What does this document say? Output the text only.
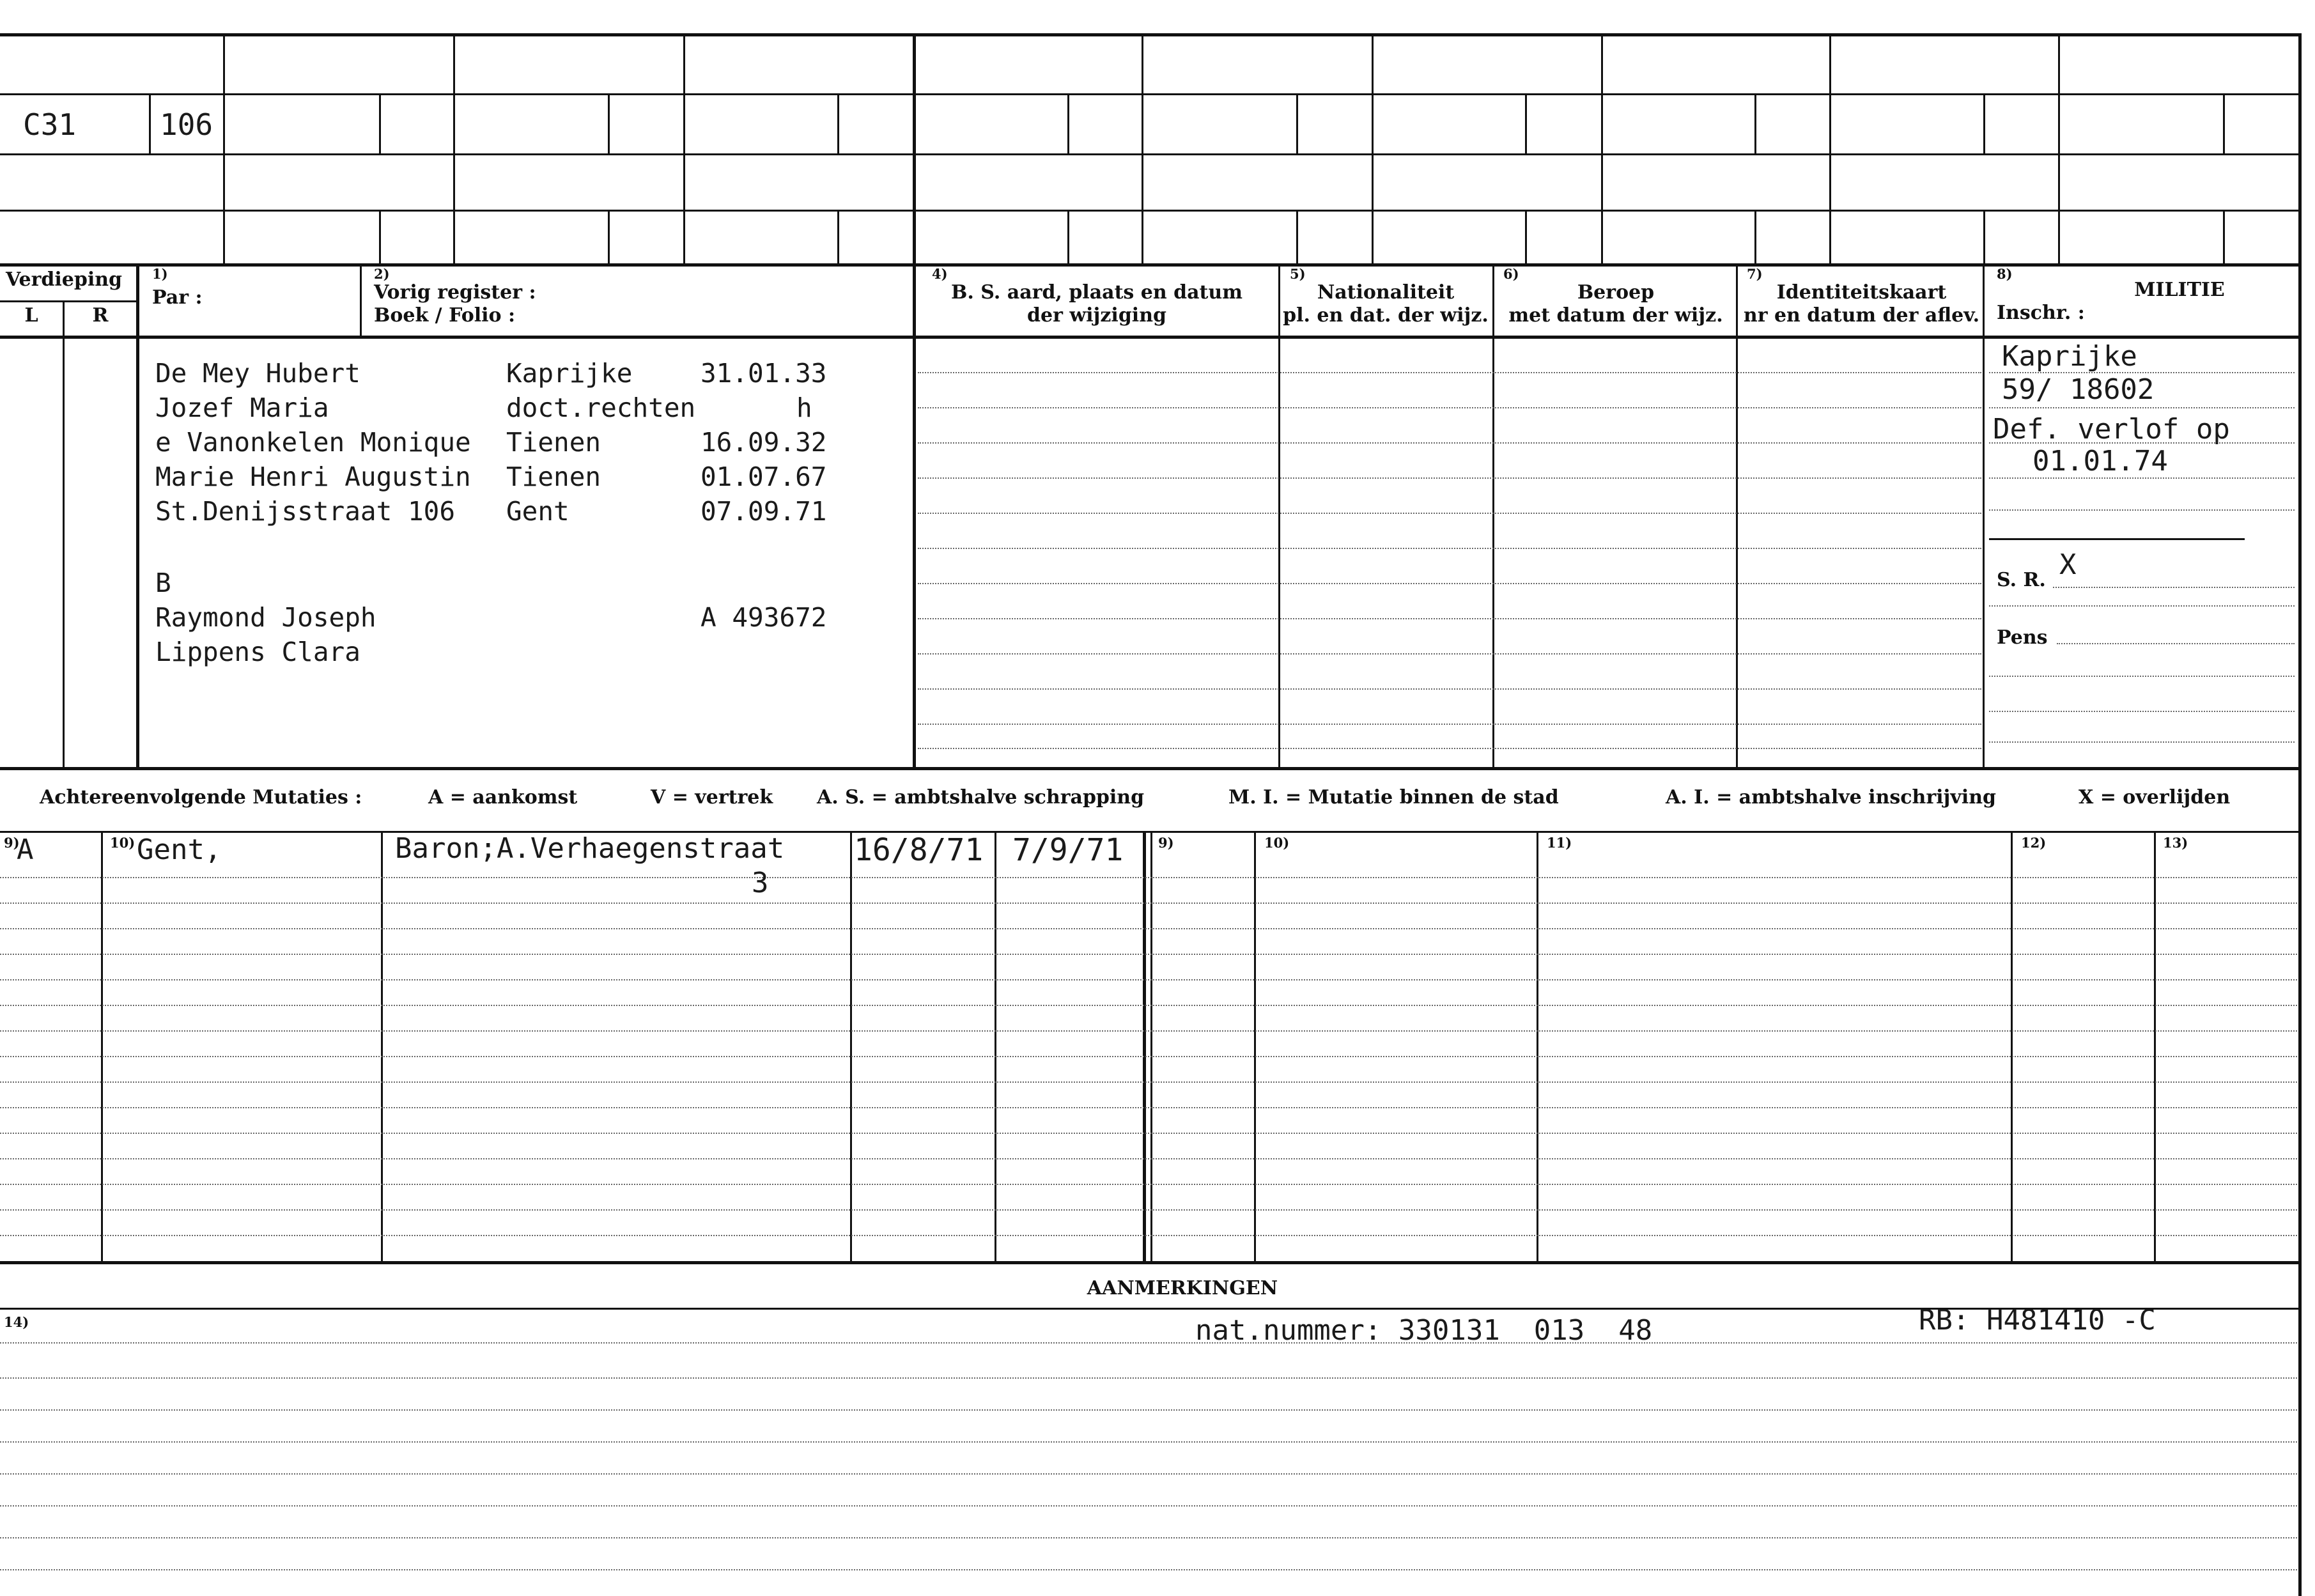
C31	106
Verdieping
L	R
1)
Par :
2)
Vorig register :
Boek / Folio :
4)
B. S. aard, plaats en datum
der wijziging
5)
Nationaliteit
pl. en dat. der wijz.
6)
Beroep
met datum der wijz.
7)
Identiteitskaart
nr en datum der aflev.
8)
MILITIE
Inschr. :
De Mey Hubert	Kaprijke	31.01.33
Jozef Maria	doct.rechten	h
e Vanonkelen Monique Tienen	16.09.32
Marie Henri Augustin Tienen	01.07.67
St.Denijsstraat 106 Gent	07.09.71
B
Raymond Joseph	A 493672
Lippens Clara
Kaprijke
59/ 18602
Def. verlof op
01.01.74
S. R. X
Pens
Achtereenvolgende Mutaties :	A = aankomst	V = vertrek A. S. = ambtshalve schrapping	M. I. = Mutatie binnen de stad	A. I. = ambtshalve inschrijving	X = overlijden
9)	10)	9)	10)	11)	12)	13)
A	Gent,	Baron;A.Verhaegenstraat
3
16/8/71 7/9/71
AANMERKINGEN
14)	nat.nummer: 330131  013  48	RB: H481410 -C
